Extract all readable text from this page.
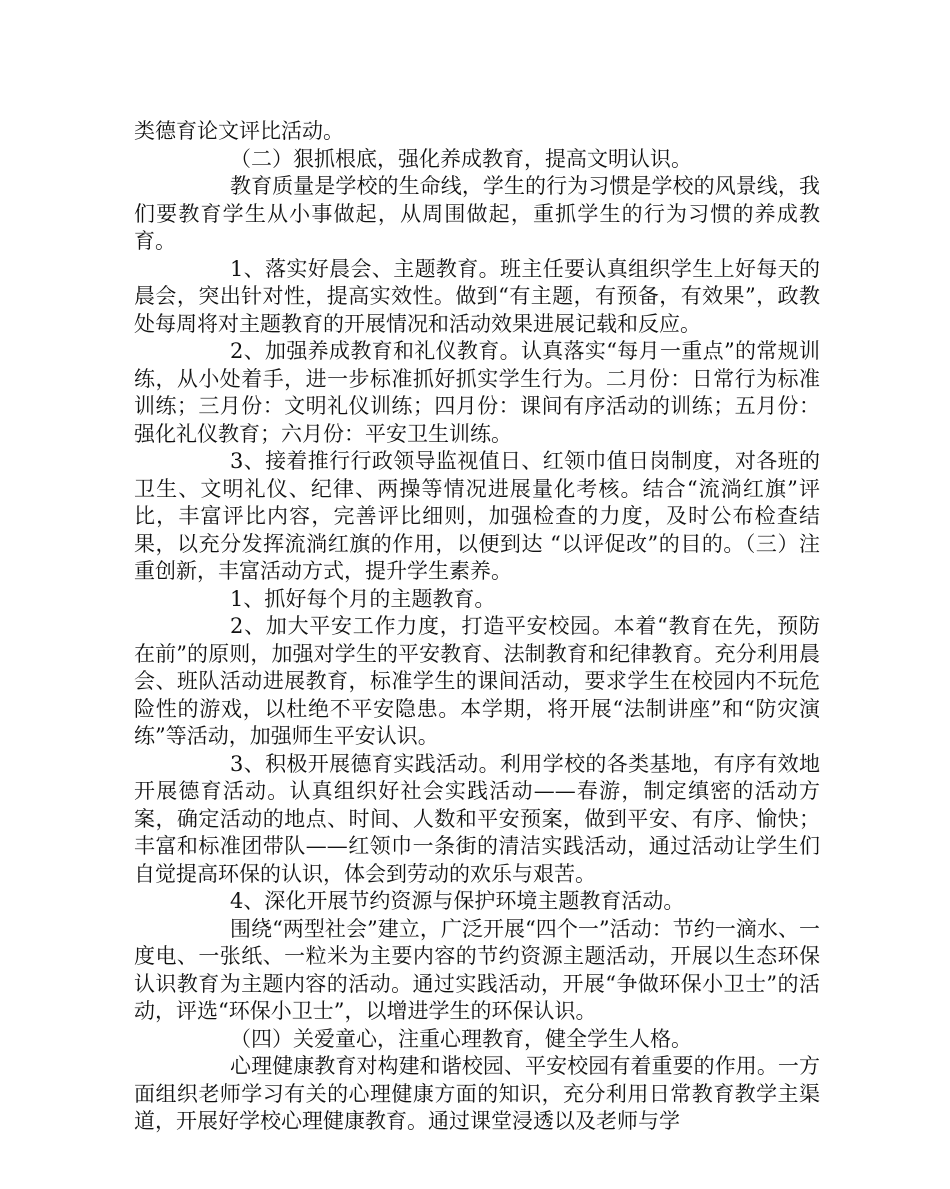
类德育论文评比活动。

（二）狠抓根底，强化养成教育，提高文明认识。

教育质量是学校的生命线，学生的行为习惯是学校的风景线，我们要教育学生从小事做起，从周围做起，重抓学生的行为习惯的养成教育。

1、落实好晨会、主题教育。班主任要认真组织学生上好每天的晨会，突出针对性，提高实效性。做到“有主题，有预备，有效果”，政教处每周将对主题教育的开展情况和活动效果进展记载和反应。

2、加强养成教育和礼仪教育。认真落实“每月一重点”的常规训练，从小处着手，进一步标准抓好抓实学生行为。二月份：日常行为标准训练；三月份：文明礼仪训练；四月份：课间有序活动的训练；五月份：强化礼仪教育；六月份：平安卫生训练。

3、接着推行行政领导监视值日、红领巾值日岗制度，对各班的卫生、文明礼仪、纪律、两操等情况进展量化考核。结合“流淌红旗”评比，丰富评比内容，完善评比细则，加强检查的力度，及时公布检查结果，以充分发挥流淌红旗的作用，以便到达 “以评促改”的目的。（三）注重创新，丰富活动方式，提升学生素养。

1、抓好每个月的主题教育。

2、加大平安工作力度，打造平安校园。本着“教育在先，预防在前”的原则，加强对学生的平安教育、法制教育和纪律教育。充分利用晨会、班队活动进展教育，标准学生的课间活动，要求学生在校园内不玩危险性的游戏，以杜绝不平安隐患。本学期，将开展“法制讲座”和“防灾演练”等活动，加强师生平安认识。

3、积极开展德育实践活动。利用学校的各类基地，有序有效地开展德育活动。认真组织好社会实践活动——春游，制定缜密的活动方案，确定活动的地点、时间、人数和平安预案，做到平安、有序、愉快；丰富和标准团带队——红领巾一条街的清洁实践活动，通过活动让学生们自觉提高环保的认识，体会到劳动的欢乐与艰苦。

4、深化开展节约资源与保护环境主题教育活动。

围绕“两型社会”建立，广泛开展“四个一”活动：节约一滴水、一度电、一张纸、一粒米为主要内容的节约资源主题活动，开展以生态环保认识教育为主题内容的活动。通过实践活动，开展“争做环保小卫士”的活动，评选“环保小卫士”，以增进学生的环保认识。

（四）关爱童心，注重心理教育，健全学生人格。

心理健康教育对构建和谐校园、平安校园有着重要的作用。一方面组织老师学习有关的心理健康方面的知识，充分利用日常教育教学主渠道，开展好学校心理健康教育。通过课堂浸透以及老师与学
